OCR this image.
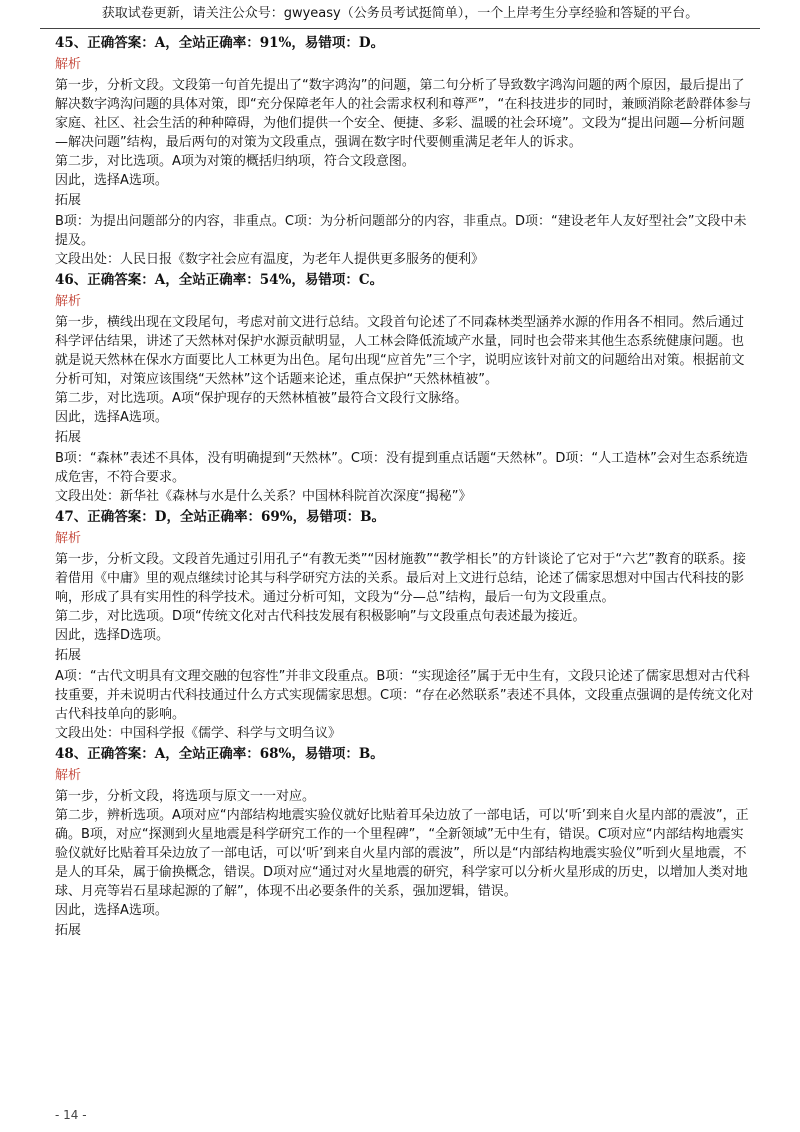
获取试卷更新，请关注公众号：gwyeasy（公务员考试挺简单），一个上岸考生分享经验和答疑的平台。
45、正确答案：A，全站正确率：91%，易错项：D。
解析
第一步，分析文段。文段第一句首先提出了“数字鸿沟”的问题，第二句分析了导致数字鸿沟问题的两个原因，最后提出了解决数字鸿沟问题的具体对策，即“充分保障老年人的社会需求权利和尊严”，“在科技进步的同时，兼顾消除老龄群体参与家庭、社区、社会生活的种种障碍，为他们提供一个安全、便捷、多彩、温暖的社会环境”。文段为“提出问题—分析问题—解决问题”结构，最后两句的对策为文段重点，强调在数字时代要侧重满足老年人的诉求。
第二步，对比选项。A项为对策的概括归纳项，符合文段意图。
因此，选择A选项。
拓展
B项：为提出问题部分的内容，非重点。C项：为分析问题部分的内容，非重点。D项：“建设老年人友好型社会”文段中未提及。
文段出处：人民日报《数字社会应有温度，为老年人提供更多服务的便利》
46、正确答案：A，全站正确率：54%，易错项：C。
解析
第一步，横线出现在文段尾句，考虑对前文进行总结。文段首句论述了不同森林类型涵养水源的作用各不相同。然后通过科学评估结果，讲述了天然林对保护水源贡献明显，人工林会降低流域产水量，同时也会带来其他生态系统健康问题。也就是说天然林在保水方面要比人工林更为出色。尾句出现“应首先”三个字，说明应该针对前文的问题给出对策。根据前文分析可知，对策应该围绕“天然林”这个话题来论述，重点保护“天然林植被”。
第二步，对比选项。A项“保护现存的天然林植被”最符合文段行文脉络。
因此，选择A选项。
拓展
B项：“森林”表述不具体，没有明确提到“天然林”。C项：没有提到重点话题“天然林”。D项：“人工造林”会对生态系统造成危害，不符合要求。
文段出处：新华社《森林与水是什么关系？中国林科院首次深度“揭秘”》
47、正确答案：D，全站正确率：69%，易错项：B。
解析
第一步，分析文段。文段首先通过引用孔子“有教无类”“因材施教”“教学相长”的方针谈论了它对于“六艺”教育的联系。接着借用《中庸》里的观点继续讨论其与科学研究方法的关系。最后对上文进行总结，论述了儒家思想对中国古代科技的影响，形成了具有实用性的科学技术。通过分析可知，文段为“分—总”结构，最后一句为文段重点。
第二步，对比选项。D项“传统文化对古代科技发展有积极影响”与文段重点句表述最为接近。
因此，选择D选项。
拓展
A项：“古代文明具有文理交融的包容性”并非文段重点。B项：“实现途径”属于无中生有，文段只论述了儒家思想对古代科技重要，并未说明古代科技通过什么方式实现儒家思想。C项：“存在必然联系”表述不具体，文段重点强调的是传统文化对古代科技单向的影响。
文段出处：中国科学报《儒学、科学与文明刍议》
48、正确答案：A，全站正确率：68%，易错项：B。
解析
第一步，分析文段，将选项与原文一一对应。
第二步，辨析选项。A项对应“内部结构地震实验仪就好比贴着耳朵边放了一部电话，可以‘听’到来自火星内部的震波”，正确。B项，对应“探测到火星地震是科学研究工作的一个里程碑”，“全新领域”无中生有，错误。C项对应“内部结构地震实验仪就好比贴着耳朵边放了一部电话，可以‘听’到来自火星内部的震波”，所以是“内部结构地震实验仪”听到火星地震，不是人的耳朵，属于偷换概念，错误。D项对应“通过对火星地震的研究，科学家可以分析火星形成的历史，以增加人类对地球、月亮等岩石星球起源的了解”，体现不出必要条件的关系，强加逻辑，错误。
因此，选择A选项。
拓展
- 14 -
